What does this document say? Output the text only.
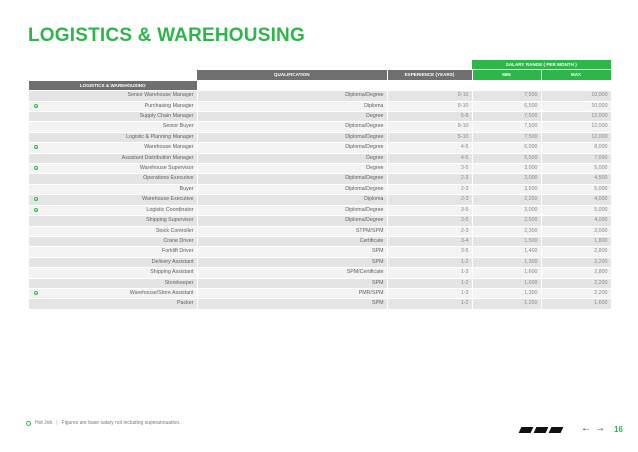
LOGISTICS & WAREHOUSING
			SALARY RANGE ( PER MONTH )	
	QUALIFICATION	EXPERIENCE (YEARS)	MIN	MAX
LOGISTICS & WAREHOUSING				
Senior Warehouse Manager	Diploma/Degree	8-10	7,500	10,000

Purchasing Manager	Diploma	8-10	6,500	10,000
Supply Chain Manager	Degree	5-8	7,500	12,000
Senior Buyer	Diploma/Degree	8-10	7,500	12,000
Logistic & Planning Manager	Diploma/Degree	5-10	7,500	12,000

Warehouse Manager	Diploma/Degree	4-5	6,000	8,000
Assistant Distribution Manager	Degree	4-5	5,500	7,000

Warehouse Supervisor	Degree	3-5	3,000	5,000
Operations Executive	Diploma/Degree	2-3	3,000	4,500
Buyer	Diploma/Degree	2-3	3,500	5,000

Warehouse Executive	Diploma	2-3	2,200	4,000

Logistic Coordinator	Diploma/Degree	3-5	3,000	5,000
Shipping Supervisor	Diploma/Degree	3-5	2,500	4,000
Stock Controller	STPM/SPM	2-3	2,300	3,000
Crane Driver	Certificate	3-4	1,500	1,800
Forklift Driver	SPM	3-5	1,400	2,800
Delivery Assistant	SPM	1-2	1,300	2,200
Shipping Assistant	SPM/Certificate	1-3	1,600	2,800
Storekeeper	SPM	1-2	1,600	2,200

Warehouse/Store Assistant	PMR/SPM	1-3	1,300	2,200
Packer	SPM	1-2	1,200	1,600
Hot Job | Figures are base salary not including superannuation.	← → 16
